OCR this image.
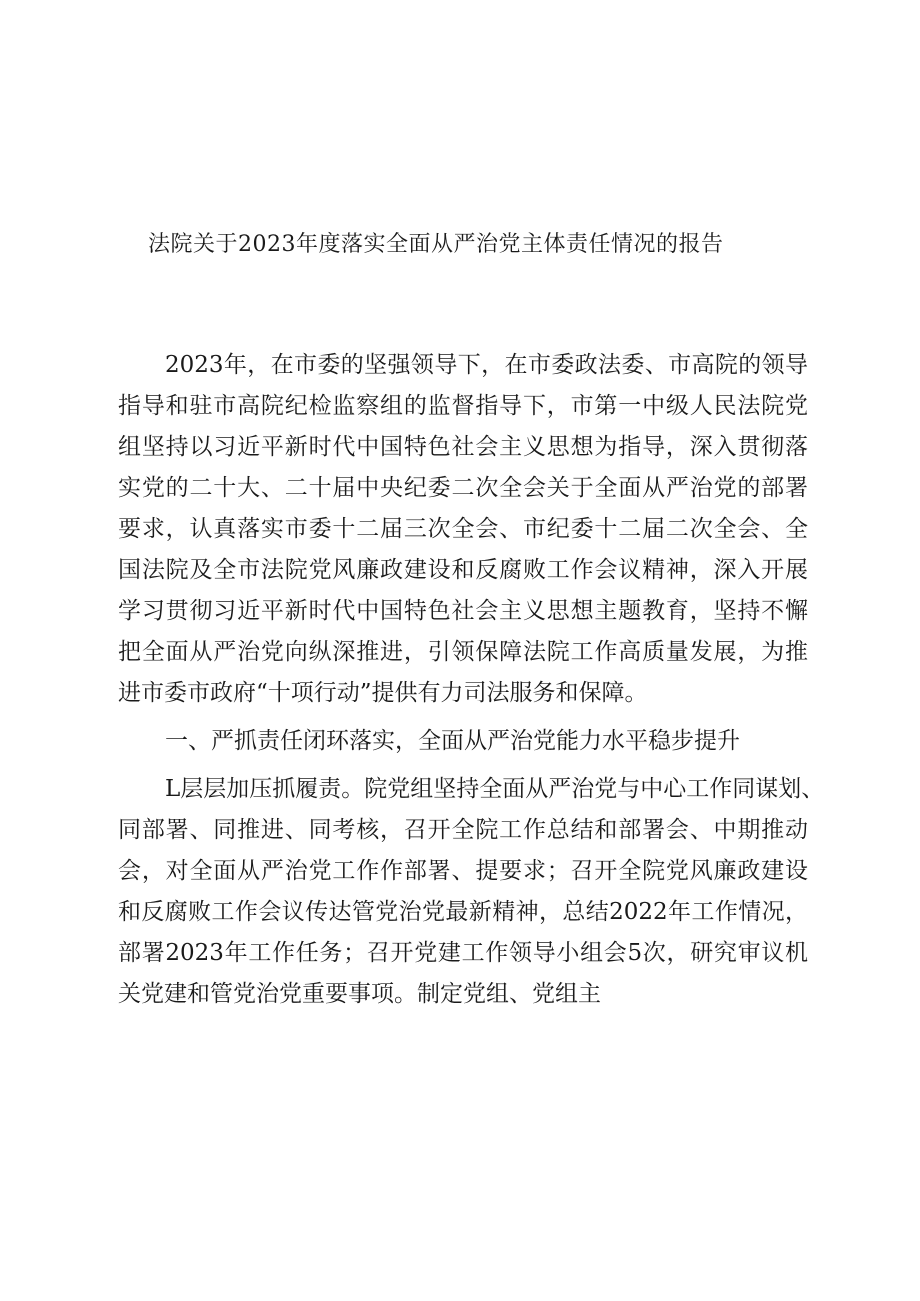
法院关于2023年度落实全面从严治党主体责任情况的报告
2023年，在市委的坚强领导下，在市委政法委、市高院的领导
指导和驻市高院纪检监察组的监督指导下，市第一中级人民法院党
组坚持以习近平新时代中国特色社会主义思想为指导，深入贯彻落
实党的二十大、二十届中央纪委二次全会关于全面从严治党的部署
要求，认真落实市委十二届三次全会、市纪委十二届二次全会、全
国法院及全市法院党风廉政建设和反腐败工作会议精神，深入开展
学习贯彻习近平新时代中国特色社会主义思想主题教育，坚持不懈
把全面从严治党向纵深推进，引领保障法院工作高质量发展，为推
进市委市政府“十项行动”提供有力司法服务和保障。
一、严抓责任闭环落实，全面从严治党能力水平稳步提升
L层层加压抓履责。院党组坚持全面从严治党与中心工作同谋划、
同部署、同推进、同考核，召开全院工作总结和部署会、中期推动
会，对全面从严治党工作作部署、提要求；召开全院党风廉政建设
和反腐败工作会议传达管党治党最新精神，总结2022年工作情况，
部署2023年工作任务；召开党建工作领导小组会5次，研究审议机
关党建和管党治党重要事项。制定党组、党组主
